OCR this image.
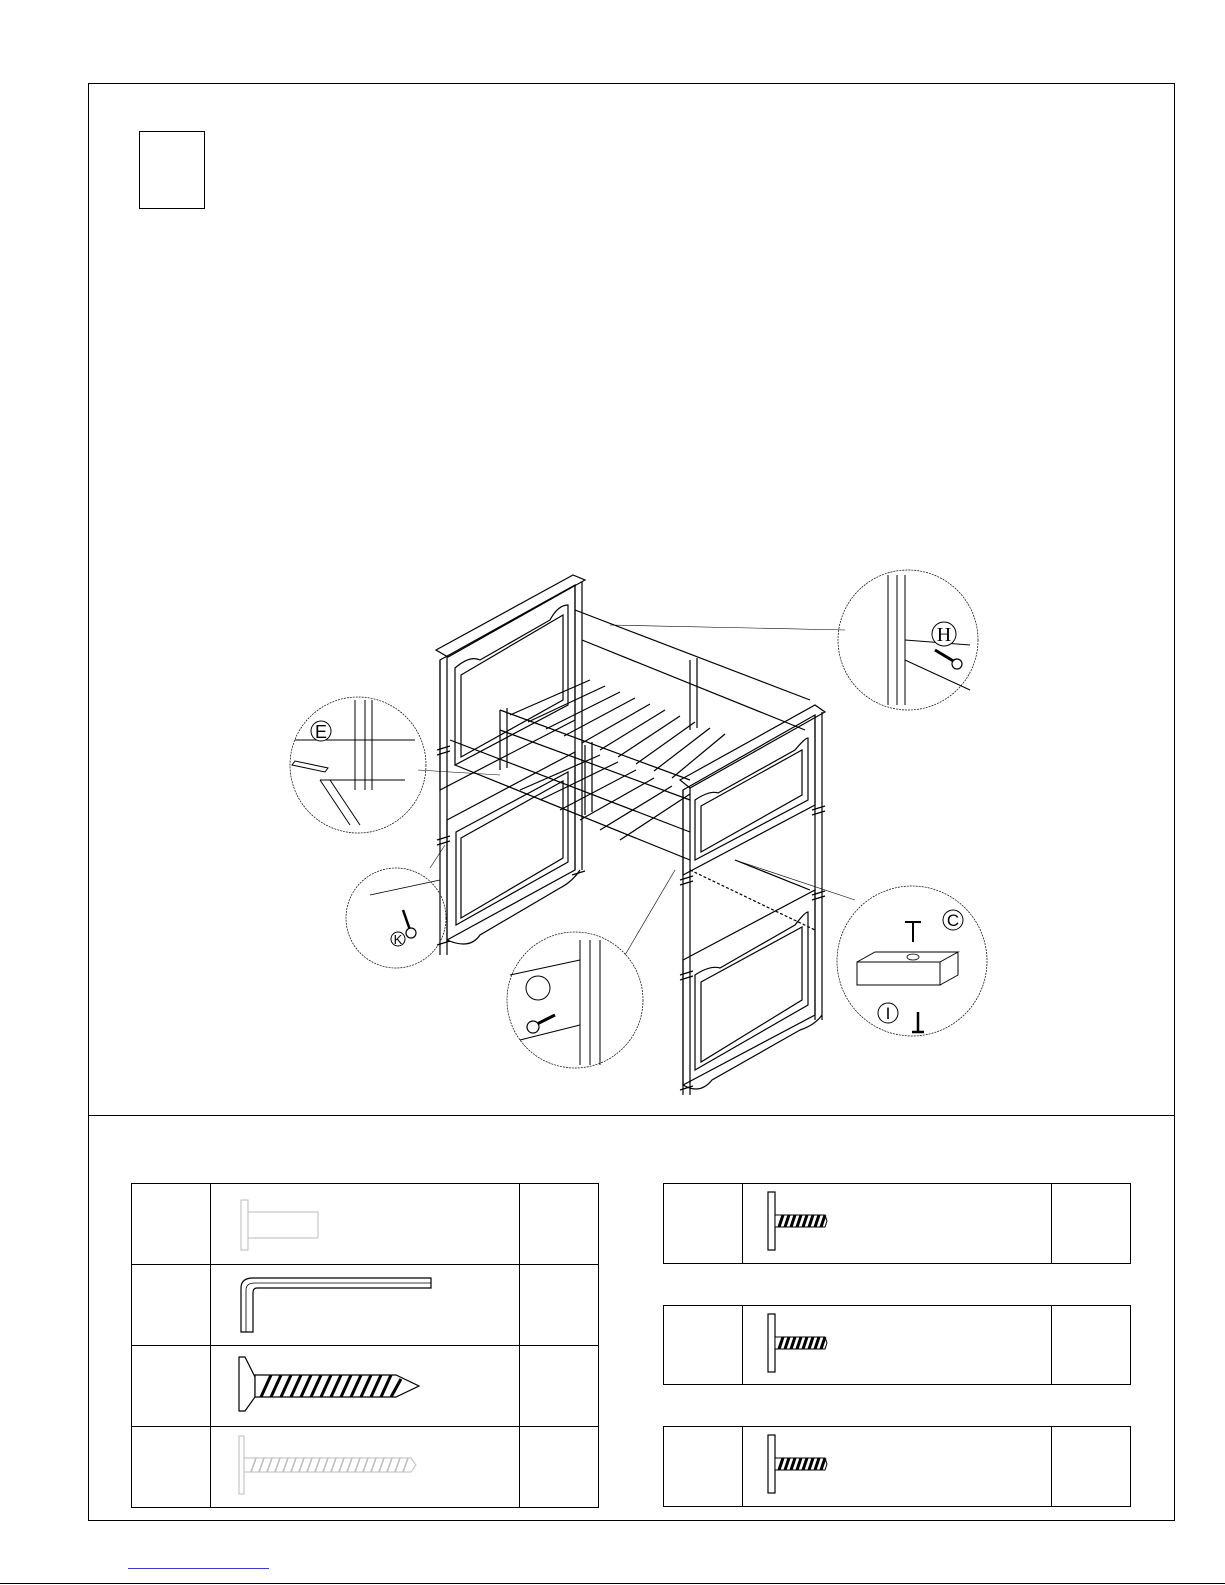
E
H
K
C
I
